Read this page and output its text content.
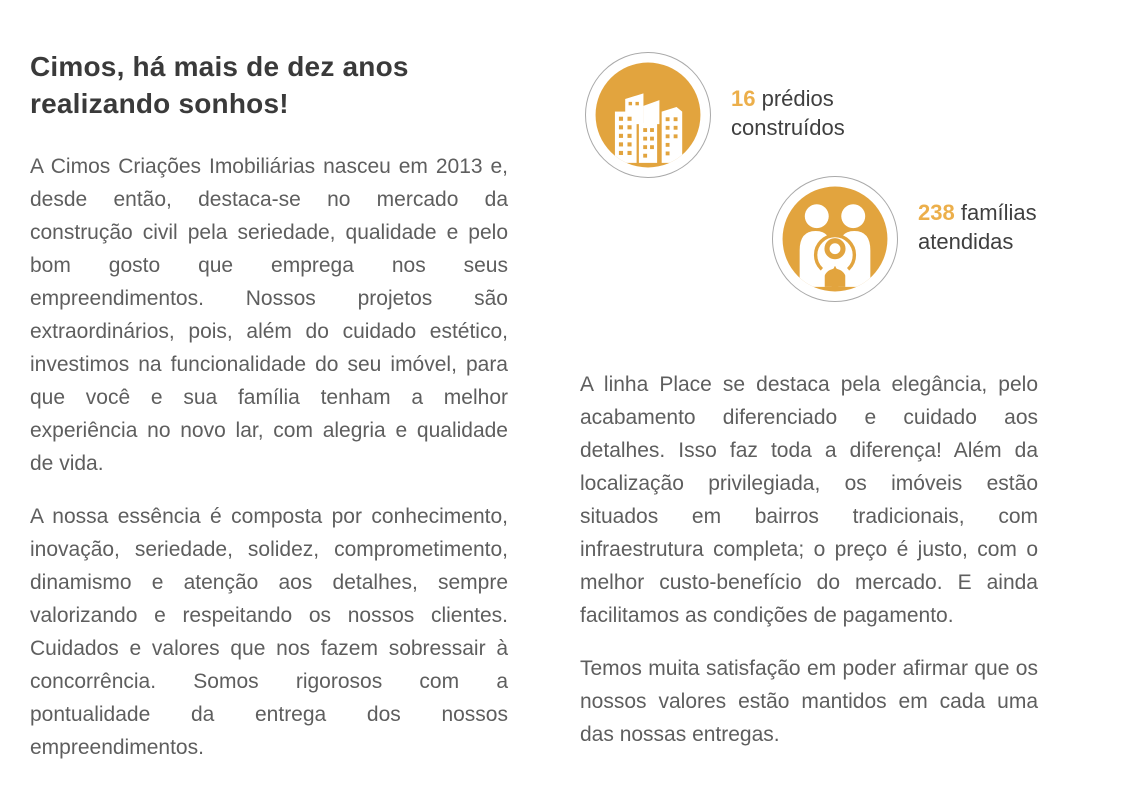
Cimos, há mais de dez anos realizando sonhos!

A Cimos Criações Imobiliárias nasceu em 2013 e, desde então, destaca-se no mercado da construção civil pela seriedade, qualidade e pelo bom gosto que emprega nos seus empreendimentos. Nossos projetos são extraordinários, pois, além do cuidado estético, investimos na funcionalidade do seu imóvel, para que você e sua família tenham a melhor experiência no novo lar, com alegria e qualidade de vida.

A nossa essência é composta por conhecimento, inovação, seriedade, solidez, comprometimento, dinamismo e atenção aos detalhes, sempre valorizando e respeitando os nossos clientes. Cuidados e valores que nos fazem sobressair à concorrência. Somos rigorosos com a pontualidade da entrega dos nossos empreendimentos.

16 prédios construídos
238 famílias atendidas

A linha Place se destaca pela elegância, pelo acabamento diferenciado e cuidado aos detalhes. Isso faz toda a diferença! Além da localização privilegiada, os imóveis estão situados em bairros tradicionais, com infraestrutura completa; o preço é justo, com o melhor custo-benefício do mercado. E ainda facilitamos as condições de pagamento.

Temos muita satisfação em poder afirmar que os nossos valores estão mantidos em cada uma das nossas entregas.
